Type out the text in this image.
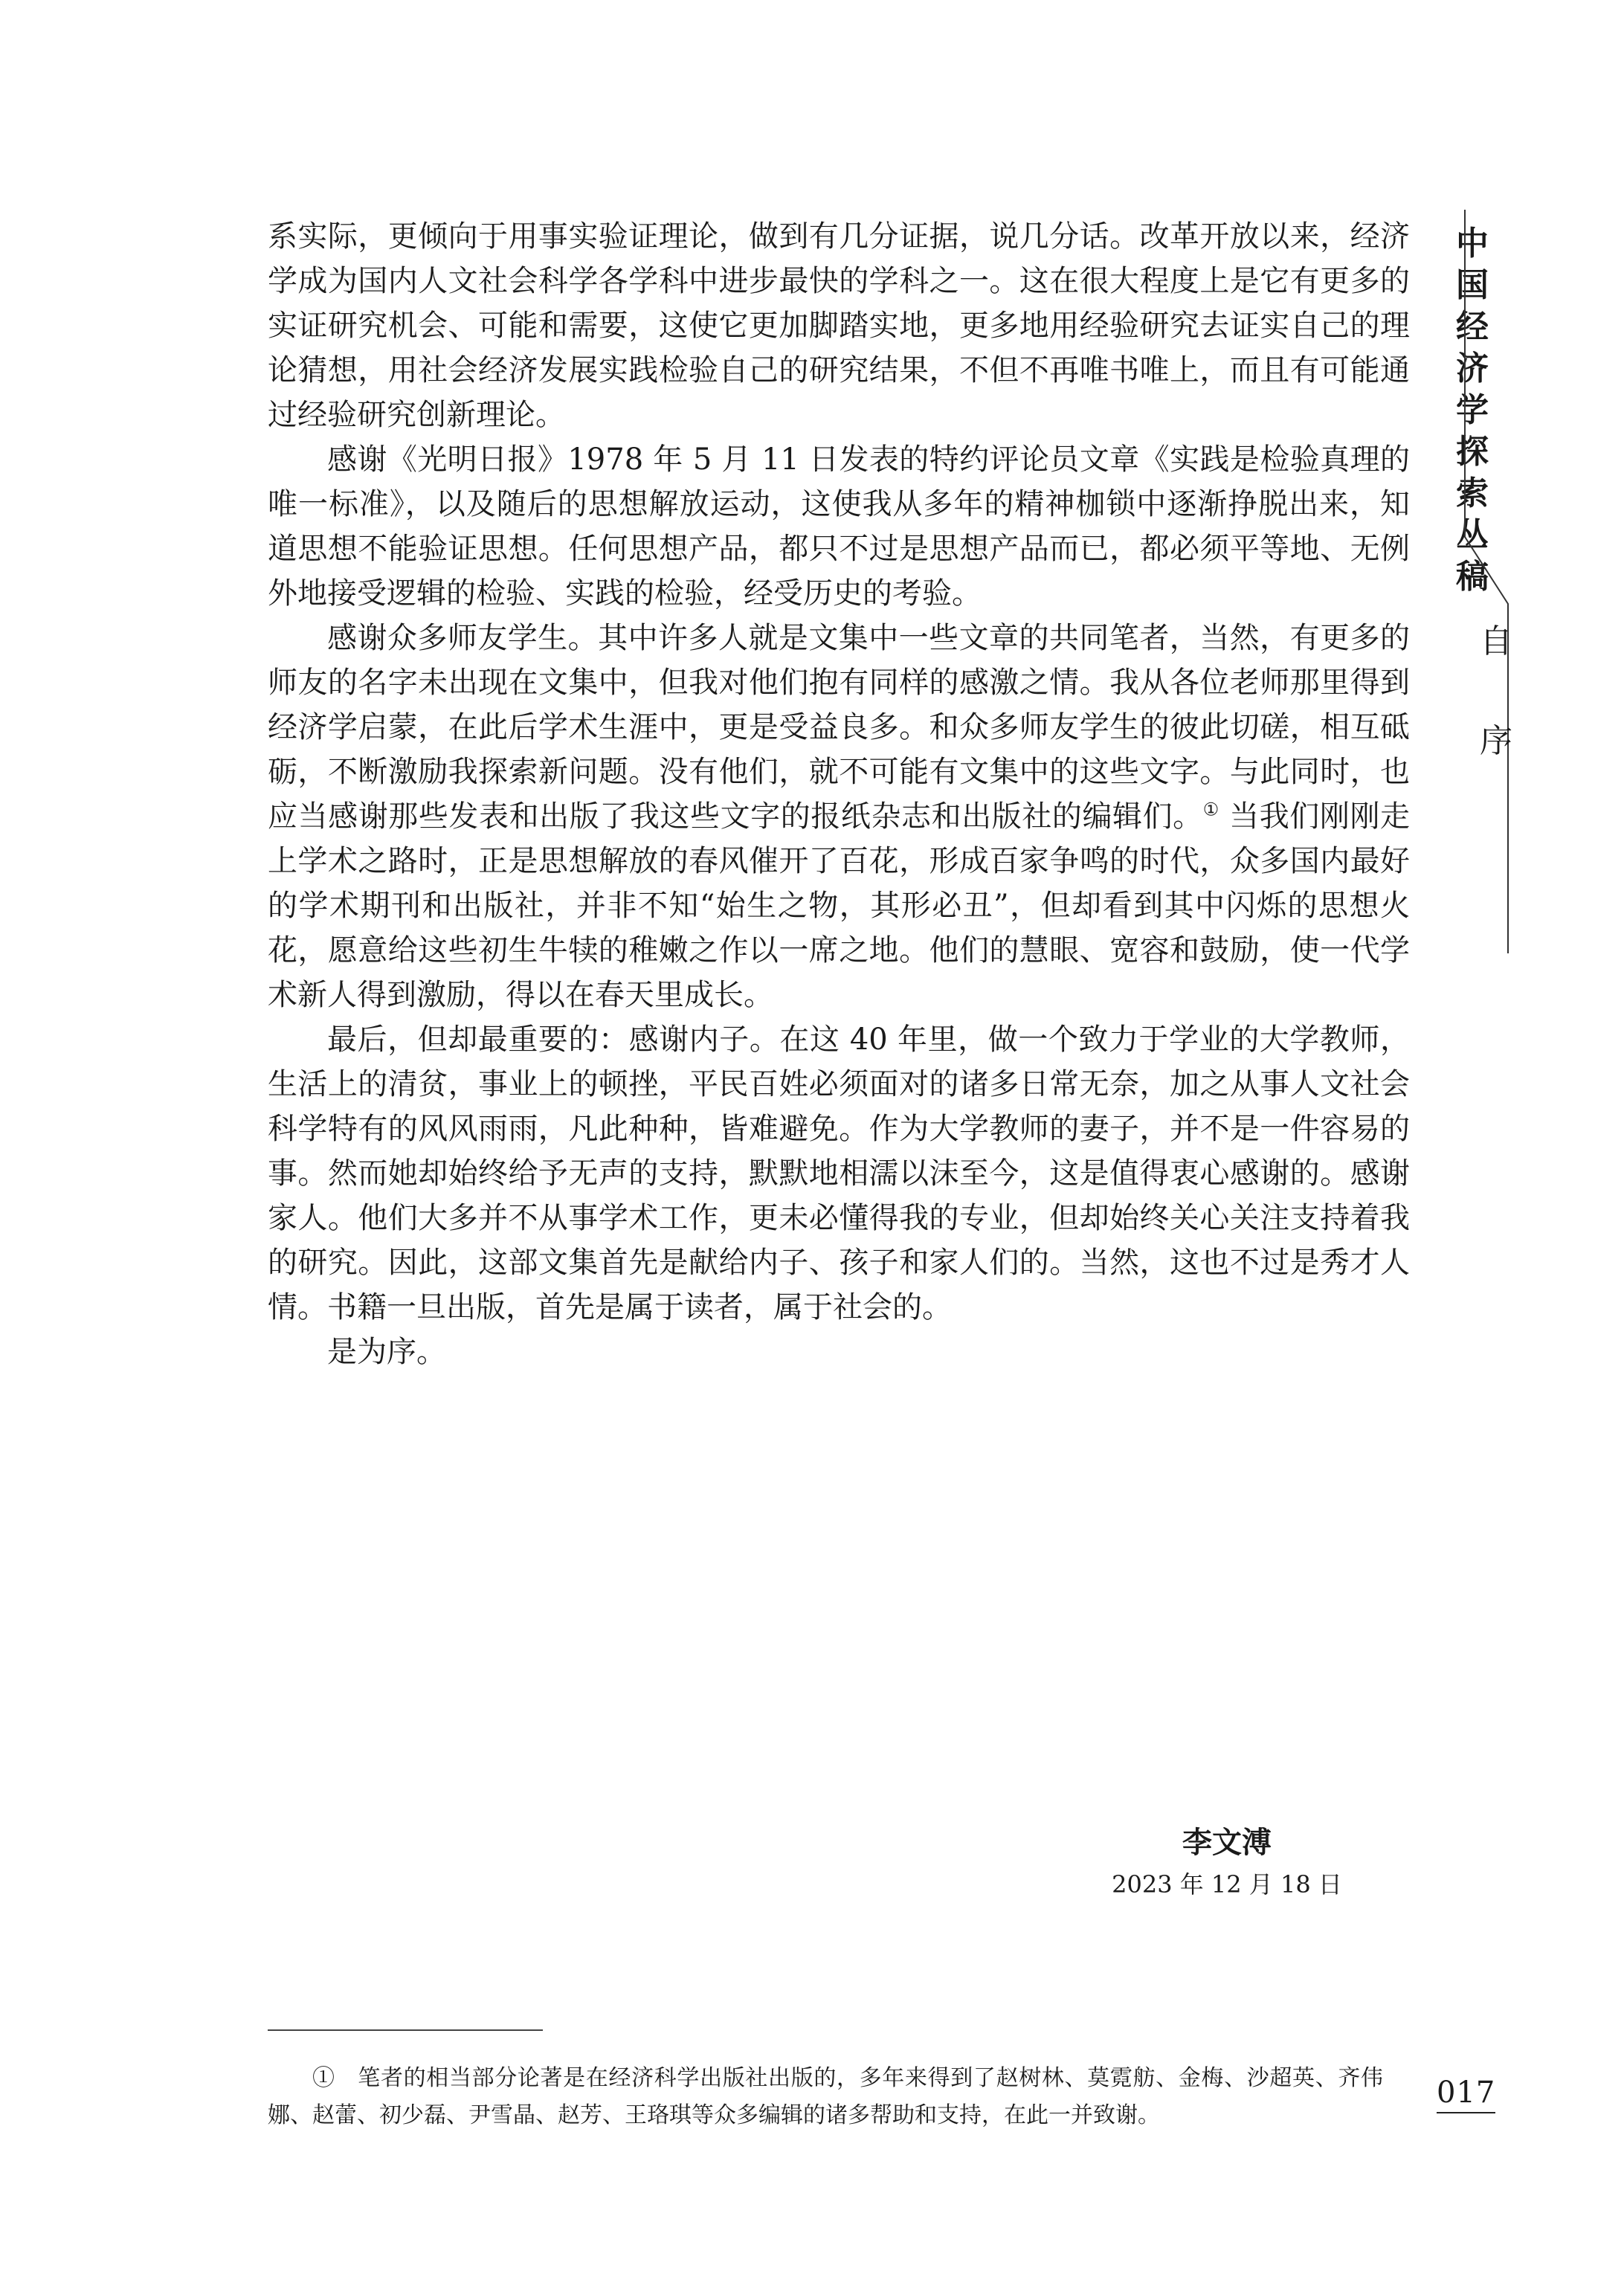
中国经济学探索丛稿
自序

系实际，更倾向于用事实验证理论，做到有几分证据，说几分话。改革开放以来，经济学成为国内人文社会科学各学科中进步最快的学科之一。这在很大程度上是它有更多的实证研究机会、可能和需要，这使它更加脚踏实地，更多地用经验研究去证实自己的理论猜想，用社会经济发展实践检验自己的研究结果，不但不再唯书唯上，而且有可能通过经验研究创新理论。

感谢《光明日报》1978 年 5 月 11 日发表的特约评论员文章《实践是检验真理的唯一标准》，以及随后的思想解放运动，这使我从多年的精神枷锁中逐渐挣脱出来，知道思想不能验证思想。任何思想产品，都只不过是思想产品而已，都必须平等地、无例外地接受逻辑的检验、实践的检验，经受历史的考验。

感谢众多师友学生。其中许多人就是文集中一些文章的共同笔者，当然，有更多的师友的名字未出现在文集中，但我对他们抱有同样的感激之情。我从各位老师那里得到经济学启蒙，在此后学术生涯中，更是受益良多。和众多师友学生的彼此切磋，相互砥砺，不断激励我探索新问题。没有他们，就不可能有文集中的这些文字。与此同时，也应当感谢那些发表和出版了我这些文字的报纸杂志和出版社的编辑们。① 当我们刚刚走上学术之路时，正是思想解放的春风催开了百花，形成百家争鸣的时代，众多国内最好的学术期刊和出版社，并非不知“始生之物，其形必丑”，但却看到其中闪烁的思想火花，愿意给这些初生牛犊的稚嫩之作以一席之地。他们的慧眼、宽容和鼓励，使一代学术新人得到激励，得以在春天里成长。

最后，但却最重要的：感谢内子。在这 40 年里，做一个致力于学业的大学教师，生活上的清贫，事业上的顿挫，平民百姓必须面对的诸多日常无奈，加之从事人文社会科学特有的风风雨雨，凡此种种，皆难避免。作为大学教师的妻子，并不是一件容易的事。然而她却始终给予无声的支持，默默地相濡以沫至今，这是值得衷心感谢的。感谢家人。他们大多并不从事学术工作，更未必懂得我的专业，但却始终关心关注支持着我的研究。因此，这部文集首先是献给内子、孩子和家人们的。当然，这也不过是秀才人情。书籍一旦出版，首先是属于读者，属于社会的。

是为序。

李文溥
2023 年 12 月 18 日

①　笔者的相当部分论著是在经济科学出版社出版的，多年来得到了赵树林、莫霓舫、金梅、沙超英、齐伟娜、赵蕾、初少磊、尹雪晶、赵芳、王珞琪等众多编辑的诸多帮助和支持，在此一并致谢。

017
